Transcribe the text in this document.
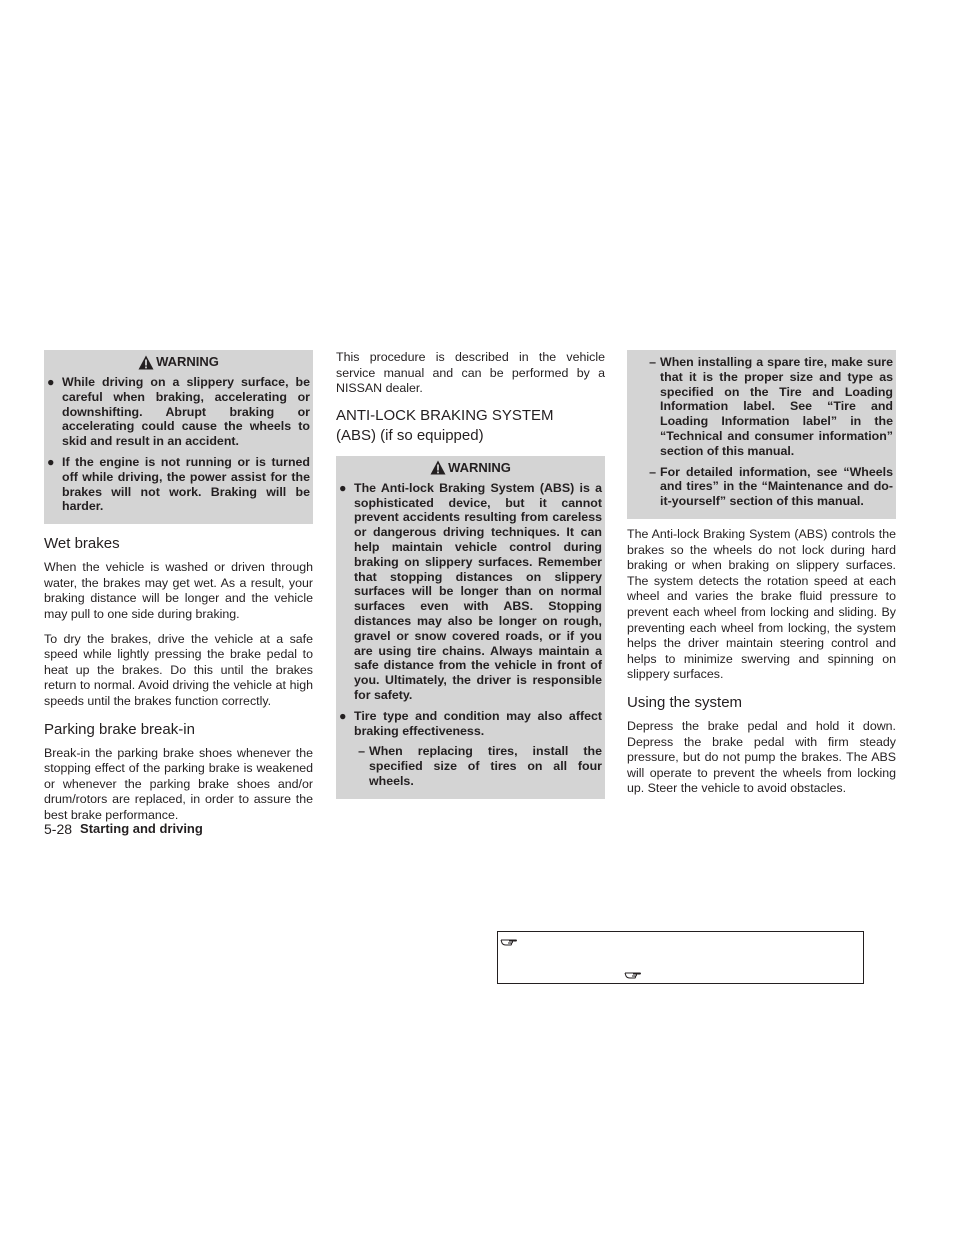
WARNING
● While driving on a slippery surface, be careful when braking, accelerating or downshifting. Abrupt braking or accelerating could cause the wheels to skid and result in an accident.
● If the engine is not running or is turned off while driving, the power assist for the brakes will not work. Braking will be harder.
Wet brakes

When the vehicle is washed or driven through water, the brakes may get wet. As a result, your braking distance will be longer and the vehicle may pull to one side during braking.

To dry the brakes, drive the vehicle at a safe speed while lightly pressing the brake pedal to heat up the brakes. Do this until the brakes return to normal. Avoid driving the vehicle at high speeds until the brakes function correctly.

Parking brake break-in

Break-in the parking brake shoes whenever the stopping effect of the parking brake is weakened or whenever the parking brake shoes and/or drum/rotors are replaced, in order to assure the best brake performance.

This procedure is described in the vehicle service manual and can be performed by a NISSAN dealer.

ANTI-LOCK BRAKING SYSTEM
(ABS) (if so equipped)
WARNING
● The Anti-lock Braking System (ABS) is a sophisticated device, but it cannot prevent accidents resulting from careless or dangerous driving techniques. It can help maintain vehicle control during braking on slippery surfaces. Remember that stopping distances on slippery surfaces will be longer than on normal surfaces even with ABS. Stopping distances may also be longer on rough, gravel or snow covered roads, or if you are using tire chains. Always maintain a safe distance from the vehicle in front of you. Ultimately, the driver is responsible for safety.
● Tire type and condition may also affect braking effectiveness.
– When replacing tires, install the specified size of tires on all four wheels.
– When installing a spare tire, make sure that it is the proper size and type as specified on the Tire and Loading Information label. See “Tire and Loading Information label” in the “Technical and consumer information” section of this manual.
– For detailed information, see “Wheels and tires” in the “Maintenance and do-it-yourself” section of this manual.

The Anti-lock Braking System (ABS) controls the brakes so the wheels do not lock during hard braking or when braking on slippery surfaces. The system detects the rotation speed at each wheel and varies the brake fluid pressure to prevent each wheel from locking and sliding. By preventing each wheel from locking, the system helps the driver maintain steering control and helps to minimize swerving and spinning on slippery surfaces.

Using the system

Depress the brake pedal and hold it down. Depress the brake pedal with firm steady pressure, but do not pump the brakes. The ABS will operate to prevent the wheels from locking up. Steer the vehicle to avoid obstacles.

5-28 Starting and driving
